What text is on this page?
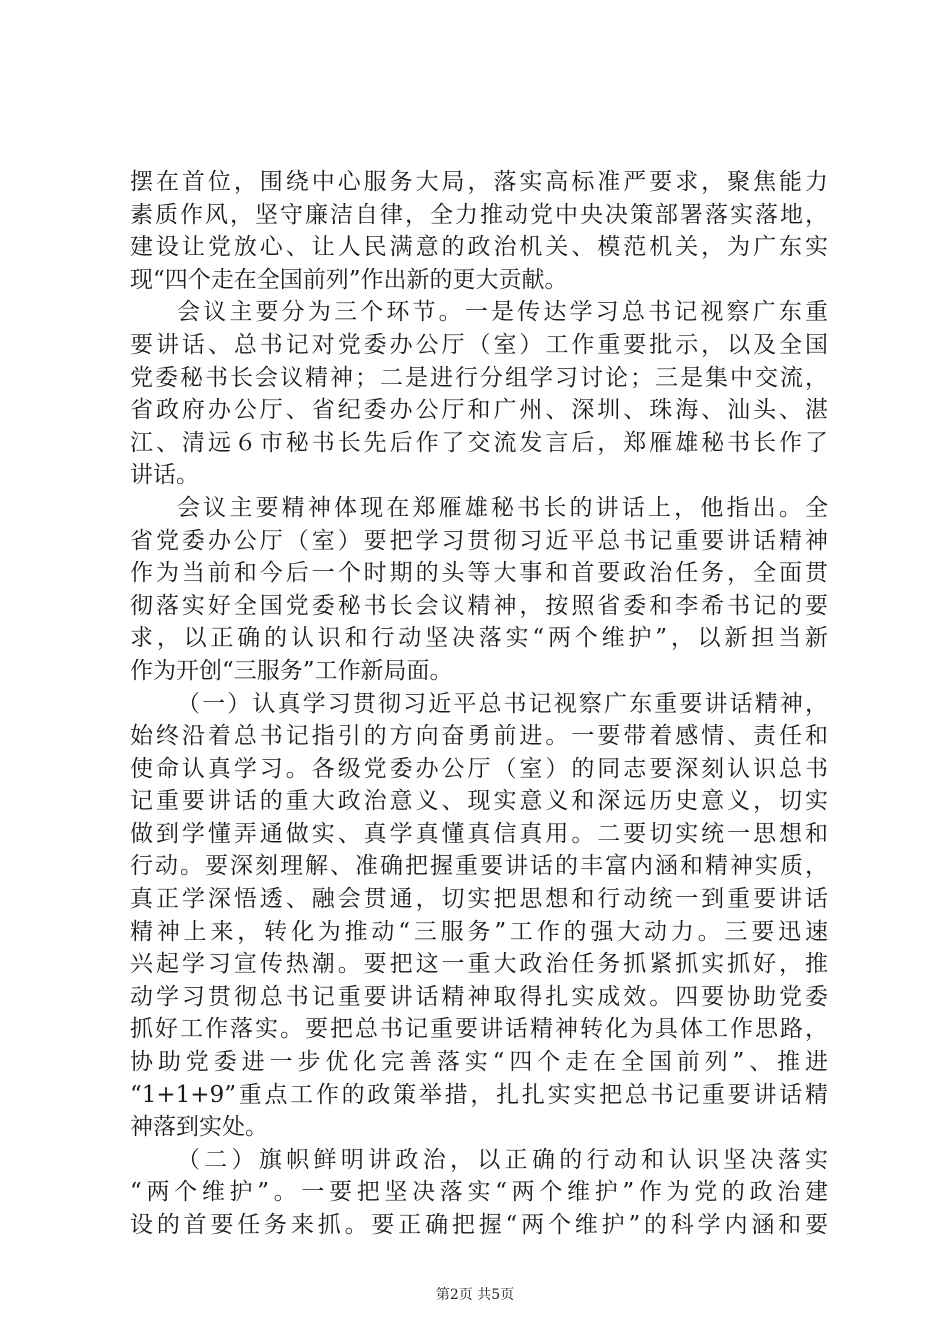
摆在首位，围绕中心服务大局，落实高标准严要求，聚焦能力
素质作风，坚守廉洁自律，全力推动党中央决策部署落实落地，
建设让党放心、让人民满意的政治机关、模范机关，为广东实
现“四个走在全国前列”作出新的更大贡献。
会议主要分为三个环节。一是传达学习总书记视察广东重
要讲话、总书记对党委办公厅（室）工作重要批示，以及全国
党委秘书长会议精神；二是进行分组学习讨论；三是集中交流，
省政府办公厅、省纪委办公厅和广州、深圳、珠海、汕头、湛
江、清远６市秘书长先后作了交流发言后，郑雁雄秘书长作了
讲话。
会议主要精神体现在郑雁雄秘书长的讲话上，他指出。全
省党委办公厅（室）要把学习贯彻习近平总书记重要讲话精神
作为当前和今后一个时期的头等大事和首要政治任务，全面贯
彻落实好全国党委秘书长会议精神，按照省委和李希书记的要
求，以正确的认识和行动坚决落实“两个维护”，以新担当新
作为开创“三服务”工作新局面。
（一）认真学习贯彻习近平总书记视察广东重要讲话精神，
始终沿着总书记指引的方向奋勇前进。一要带着感情、责任和
使命认真学习。各级党委办公厅（室）的同志要深刻认识总书
记重要讲话的重大政治意义、现实意义和深远历史意义，切实
做到学懂弄通做实、真学真懂真信真用。二要切实统一思想和
行动。要深刻理解、准确把握重要讲话的丰富内涵和精神实质，
真正学深悟透、融会贯通，切实把思想和行动统一到重要讲话
精神上来，转化为推动“三服务”工作的强大动力。三要迅速
兴起学习宣传热潮。要把这一重大政治任务抓紧抓实抓好，推
动学习贯彻总书记重要讲话精神取得扎实成效。四要协助党委
抓好工作落实。要把总书记重要讲话精神转化为具体工作思路，
协助党委进一步优化完善落实“四个走在全国前列”、推进
“1+1+9”重点工作的政策举措，扎扎实实把总书记重要讲话精
神落到实处。
（二）旗帜鲜明讲政治，以正确的行动和认识坚决落实
“两个维护”。一要把坚决落实“两个维护”作为党的政治建
设的首要任务来抓。要正确把握“两个维护”的科学内涵和要
第2页 共5页
